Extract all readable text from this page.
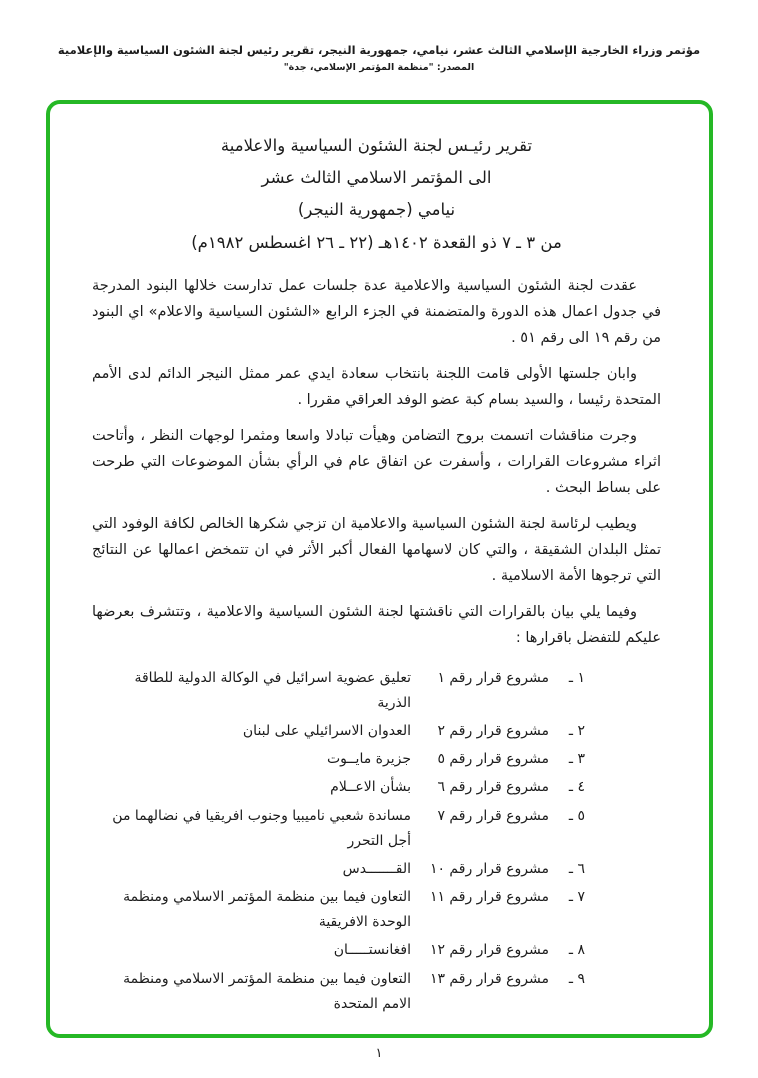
مؤتمر وزراء الخارجية الإسلامي الثالث عشر، نيامي، جمهورية النيجر، تقرير رئيس لجنة الشئون السياسية والإعلامية
المصدر: "منظمة المؤتمر الإسلامي، جدة"
تقرير رئيـس لجنة الشئون السياسية والاعلامية
الى المؤتمر الاسلامي الثالث عشر
نيامي (جمهورية النيجر)
من ٣ ـ ٧ ذو القعدة ١٤٠٢هـ (٢٢ ـ ٢٦ اغسطس ١٩٨٢م)

عقدت لجنة الشئون السياسية والاعلامية عدة جلسات عمل تدارست خلالها البنود المدرجة في جدول اعمال هذه الدورة والمتضمنة في الجزء الرابع «الشئون السياسية والاعلام» اي البنود من رقم ١٩ الى رقم ٥١ .

وابان جلستها الأولى قامت اللجنة بانتخاب سعادة ايدي عمر ممثل النيجر الدائم لدى الأمم المتحدة رئيسا ، والسيد بسام كبة عضو الوفد العراقي مقررا .

وجرت مناقشات اتسمت بروح التضامن وهيأت تبادلا واسعا ومثمرا لوجهات النظر ، وأتاحت اثراء مشروعات القرارات ، وأسفرت عن اتفاق عام في الرأي بشأن الموضوعات التي طرحت على بساط البحث .

ويطيب لرئاسة لجنة الشئون السياسية والاعلامية ان تزجي شكرها الخالص لكافة الوفود التي تمثل البلدان الشقيقة ، والتي كان لاسهامها الفعال أكبر الأثر في ان تتمخض اعمالها عن النتائج التي ترجوها الأمة الاسلامية .

وفيما يلي بيان بالقرارات التي ناقشتها لجنة الشئون السياسية والاعلامية ، وتتشرف بعرضها عليكم للتفضل باقرارها :

١ ـ
مشروع قرار رقم ١
تعليق عضوية اسرائيل في الوكالة الدولية للطاقة الذرية
٢ ـ
مشروع قرار رقم ٢
العدوان الاسرائيلي على لبنان
٣ ـ
مشروع قرار رقم ٥
جزيرة مايــوت
٤ ـ
مشروع قرار رقم ٦
بشأن الاعــلام
٥ ـ
مشروع قرار رقم ٧
مساندة شعبي ناميبيا وجنوب افريقيا في نضالهما من أجل التحرر
٦ ـ
مشروع قرار رقم ١٠
القـــــــدس
٧ ـ
مشروع قرار رقم ١١
التعاون فيما بين منظمة المؤتمر الاسلامي ومنظمة الوحدة الافريقية
٨ ـ
مشروع قرار رقم ١٢
افغانستـــــان
٩ ـ
مشروع قرار رقم ١٣
التعاون فيما بين منظمة المؤتمر الاسلامي ومنظمة الامم المتحدة
١
